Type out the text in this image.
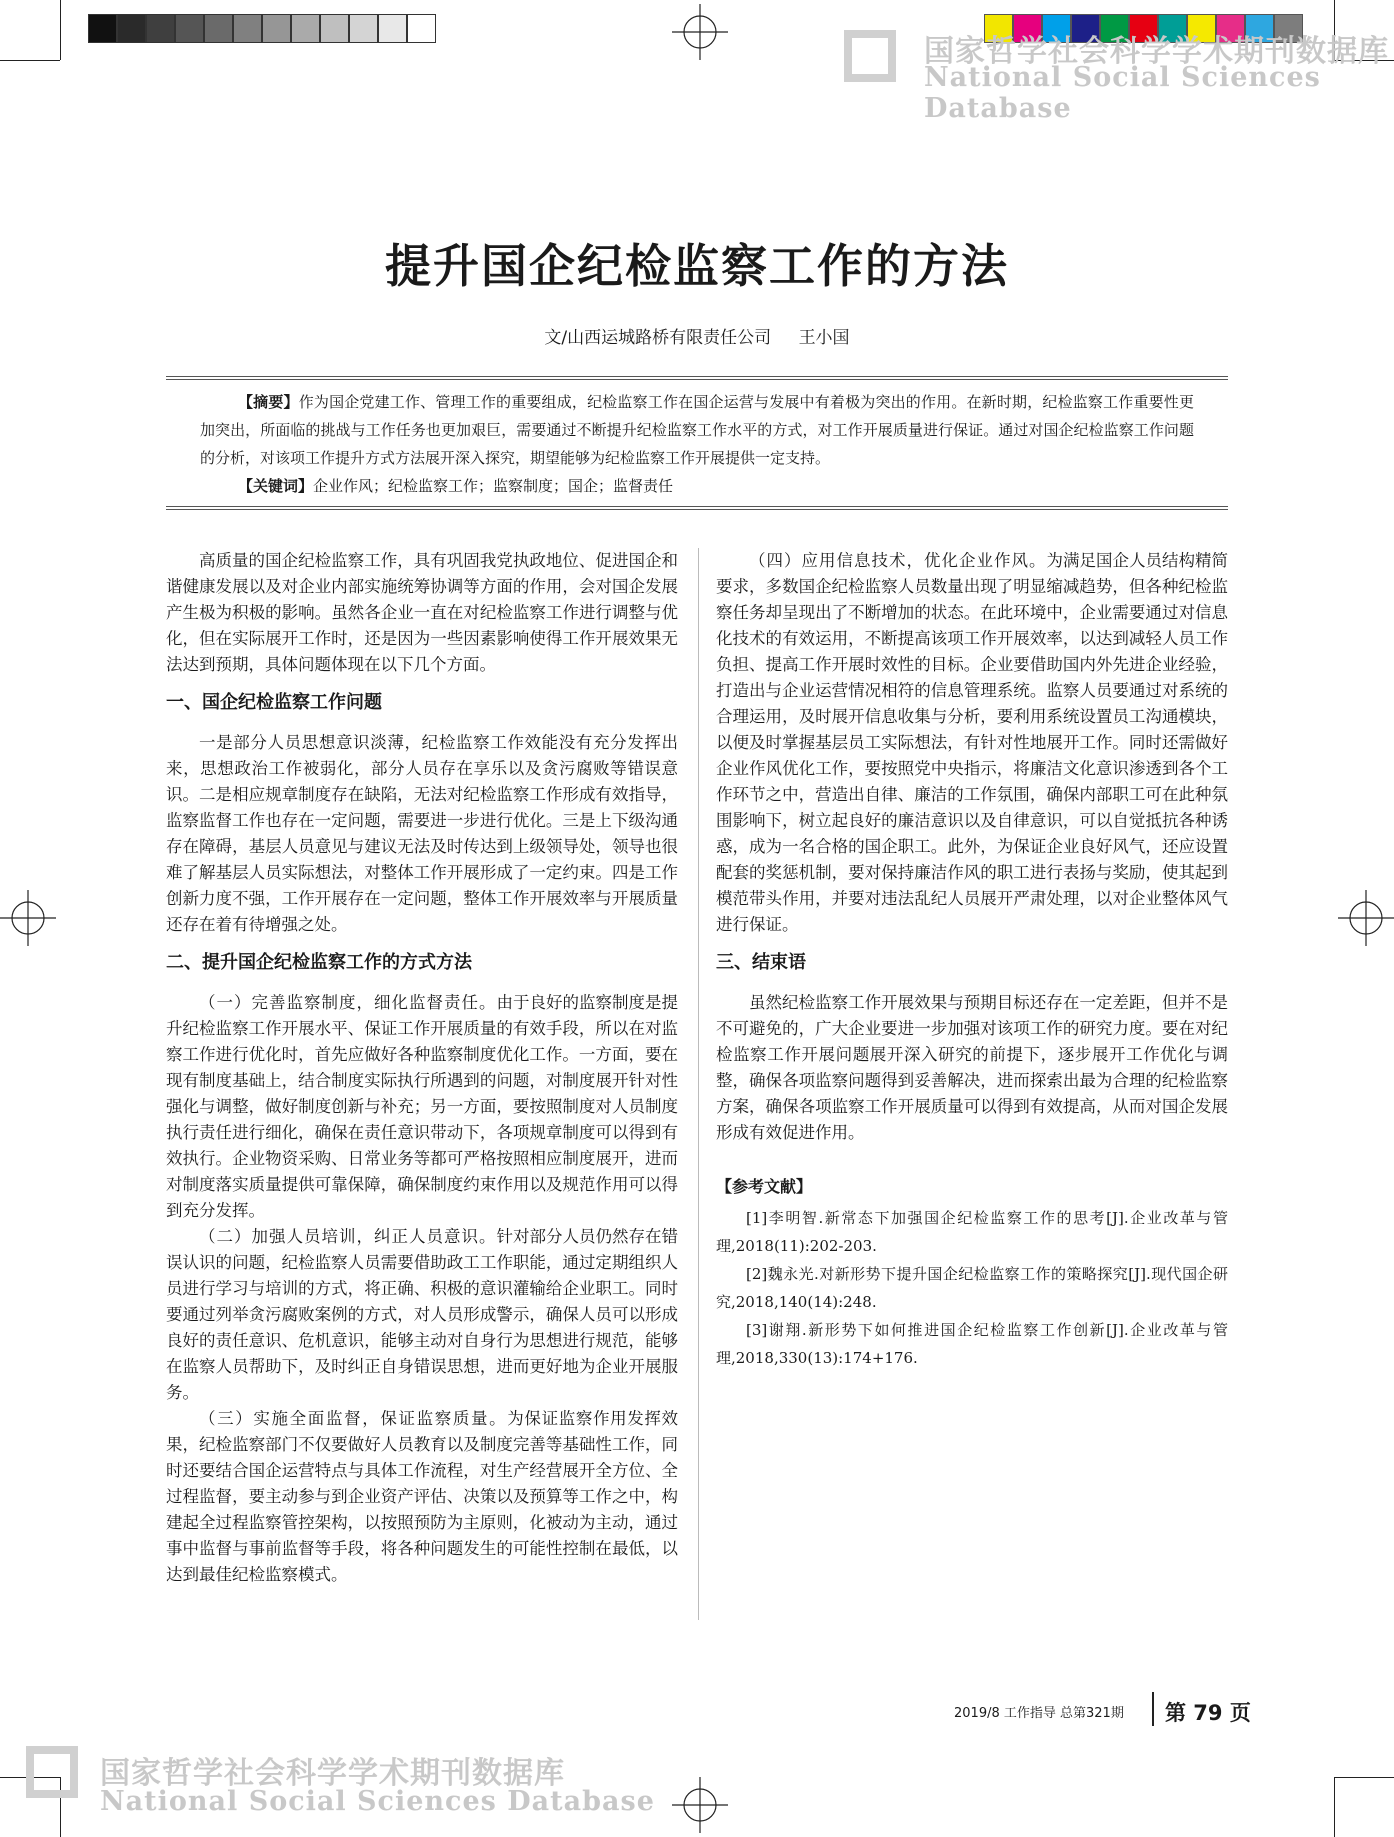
国家哲学社会科学学术期刊数据库
National Social Sciences Database
国家哲学社会科学学术期刊数据库
National Social Sciences Database
提升国企纪检监察工作的方法
文/山西运城路桥有限责任公司 王小国
【摘要】作为国企党建工作、管理工作的重要组成，纪检监察工作在国企运营与发展中有着极为突出的作用。在新时期，纪检监察工作重要性更加突出，所面临的挑战与工作任务也更加艰巨，需要通过不断提升纪检监察工作水平的方式，对工作开展质量进行保证。通过对国企纪检监察工作问题的分析，对该项工作提升方式方法展开深入探究，期望能够为纪检监察工作开展提供一定支持。
【关键词】企业作风；纪检监察工作；监察制度；国企；监督责任

高质量的国企纪检监察工作，具有巩固我党执政地位、促进国企和谐健康发展以及对企业内部实施统筹协调等方面的作用，会对国企发展产生极为积极的影响。虽然各企业一直在对纪检监察工作进行调整与优化，但在实际展开工作时，还是因为一些因素影响使得工作开展效果无法达到预期，具体问题体现在以下几个方面。

一、国企纪检监察工作问题

一是部分人员思想意识淡薄，纪检监察工作效能没有充分发挥出来，思想政治工作被弱化，部分人员存在享乐以及贪污腐败等错误意识。二是相应规章制度存在缺陷，无法对纪检监察工作形成有效指导，监察监督工作也存在一定问题，需要进一步进行优化。三是上下级沟通存在障碍，基层人员意见与建议无法及时传达到上级领导处，领导也很难了解基层人员实际想法，对整体工作开展形成了一定约束。四是工作创新力度不强，工作开展存在一定问题，整体工作开展效率与开展质量还存在着有待增强之处。

二、提升国企纪检监察工作的方式方法

（一）完善监察制度，细化监督责任。由于良好的监察制度是提升纪检监察工作开展水平、保证工作开展质量的有效手段，所以在对监察工作进行优化时，首先应做好各种监察制度优化工作。一方面，要在现有制度基础上，结合制度实际执行所遇到的问题，对制度展开针对性强化与调整，做好制度创新与补充；另一方面，要按照制度对人员制度执行责任进行细化，确保在责任意识带动下，各项规章制度可以得到有效执行。企业物资采购、日常业务等都可严格按照相应制度展开，进而对制度落实质量提供可靠保障，确保制度约束作用以及规范作用可以得到充分发挥。

（二）加强人员培训，纠正人员意识。针对部分人员仍然存在错误认识的问题，纪检监察人员需要借助政工工作职能，通过定期组织人员进行学习与培训的方式，将正确、积极的意识灌输给企业职工。同时要通过列举贪污腐败案例的方式，对人员形成警示，确保人员可以形成良好的责任意识、危机意识，能够主动对自身行为思想进行规范，能够在监察人员帮助下，及时纠正自身错误思想，进而更好地为企业开展服务。

（三）实施全面监督，保证监察质量。为保证监察作用发挥效果，纪检监察部门不仅要做好人员教育以及制度完善等基础性工作，同时还要结合国企运营特点与具体工作流程，对生产经营展开全方位、全过程监督，要主动参与到企业资产评估、决策以及预算等工作之中，构建起全过程监察管控架构，以按照预防为主原则，化被动为主动，通过事中监督与事前监督等手段，将各种问题发生的可能性控制在最低，以达到最佳纪检监察模式。

（四）应用信息技术，优化企业作风。为满足国企人员结构精简要求，多数国企纪检监察人员数量出现了明显缩减趋势，但各种纪检监察任务却呈现出了不断增加的状态。在此环境中，企业需要通过对信息化技术的有效运用，不断提高该项工作开展效率，以达到减轻人员工作负担、提高工作开展时效性的目标。企业要借助国内外先进企业经验，打造出与企业运营情况相符的信息管理系统。监察人员要通过对系统的合理运用，及时展开信息收集与分析，要利用系统设置员工沟通模块，以便及时掌握基层员工实际想法，有针对性地展开工作。同时还需做好企业作风优化工作，要按照党中央指示，将廉洁文化意识渗透到各个工作环节之中，营造出自律、廉洁的工作氛围，确保内部职工可在此种氛围影响下，树立起良好的廉洁意识以及自律意识，可以自觉抵抗各种诱惑，成为一名合格的国企职工。此外，为保证企业良好风气，还应设置配套的奖惩机制，要对保持廉洁作风的职工进行表扬与奖励，使其起到模范带头作用，并要对违法乱纪人员展开严肃处理，以对企业整体风气进行保证。

三、结束语

虽然纪检监察工作开展效果与预期目标还存在一定差距，但并不是不可避免的，广大企业要进一步加强对该项工作的研究力度。要在对纪检监察工作开展问题展开深入研究的前提下，逐步展开工作优化与调整，确保各项监察问题得到妥善解决，进而探索出最为合理的纪检监察方案，确保各项监察工作开展质量可以得到有效提高，从而对国企发展形成有效促进作用。

【参考文献】

[1]李明智.新常态下加强国企纪检监察工作的思考[J].企业改革与管理,2018(11):202-203.

[2]魏永光.对新形势下提升国企纪检监察工作的策略探究[J].现代国企研究,2018,140(14):248.

[3]谢翔.新形势下如何推进国企纪检监察工作创新[J].企业改革与管理,2018,330(13):174+176.

2019/8 工作指导 总第321期 第 79 页
